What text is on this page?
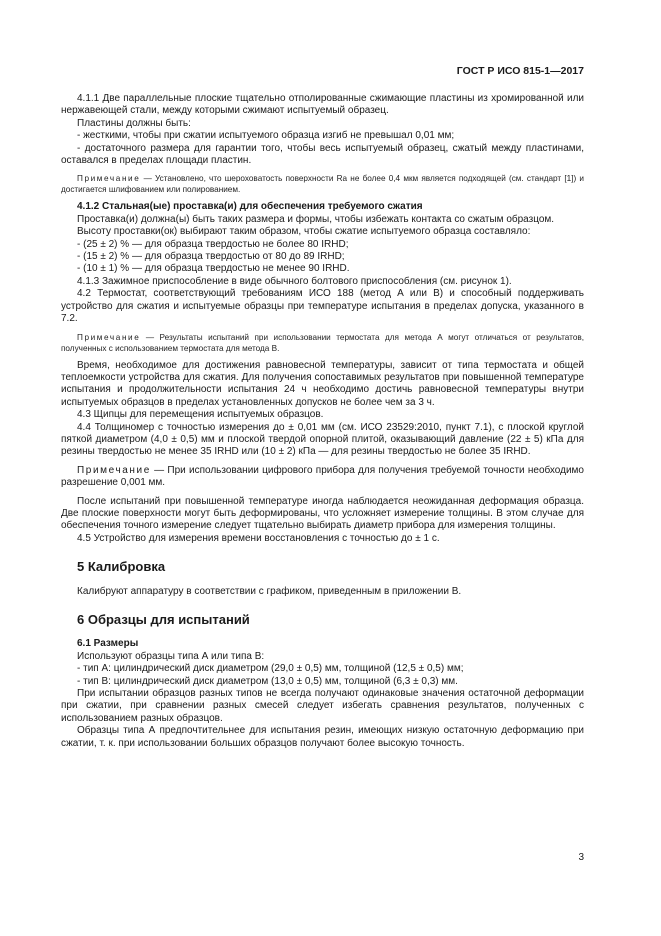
ГОСТ Р ИСО 815-1—2017

4.1.1 Две параллельные плоские тщательно отполированные сжимающие пластины из хромированной или нержавеющей стали, между которыми сжимают испытуемый образец.

Пластины должны быть:

- жесткими, чтобы при сжатии испытуемого образца изгиб не превышал 0,01 мм;

- достаточного размера для гарантии того, чтобы весь испытуемый образец, сжатый между пластинами, оставался в пределах площади пластин.

Примечание — Установлено, что шероховатость поверхности Ra не более 0,4 мкм является подходящей (см. стандарт [1]) и достигается шлифованием или полированием.

4.1.2 Стальная(ые) проставка(и) для обеспечения требуемого сжатия

Проставка(и) должна(ы) быть таких размера и формы, чтобы избежать контакта со сжатым образцом.

Высоту проставки(ок) выбирают таким образом, чтобы сжатие испытуемого образца составляло:

- (25 ± 2) % — для образца твердостью не более 80 IRHD;

- (15 ± 2) % — для образца твердостью от 80 до 89 IRHD;

- (10 ± 1) % — для образца твердостью не менее 90 IRHD.

4.1.3 Зажимное приспособление в виде обычного болтового приспособления (см. рисунок 1).

4.2 Термостат, соответствующий требованиям ИСО 188 (метод А или В) и способный поддерживать устройство для сжатия и испытуемые образцы при температуре испытания в пределах допуска, указанного в 7.2.

Примечание — Результаты испытаний при использовании термостата для метода А могут отличаться от результатов, полученных с использованием термостата для метода В.

Время, необходимое для достижения равновесной температуры, зависит от типа термостата и общей теплоемкости устройства для сжатия. Для получения сопоставимых результатов при повышенной температуре испытания и продолжительности испытания 24 ч необходимо достичь равновесной температуры внутри испытуемых образцов в пределах установленных допусков не более чем за 3 ч.

4.3 Щипцы для перемещения испытуемых образцов.

4.4 Толщиномер с точностью измерения до ± 0,01 мм (см. ИСО 23529:2010, пункт 7.1), с плоской круглой пяткой диаметром (4,0 ± 0,5) мм и плоской твердой опорной плитой, оказывающий давление (22 ± 5) кПа для резины твердостью не менее 35 IRHD или (10 ± 2) кПа — для резины твердостью не более 35 IRHD.

Примечание — При использовании цифрового прибора для получения требуемой точности необходимо разрешение 0,001 мм.

После испытаний при повышенной температуре иногда наблюдается неожиданная деформация образца. Две плоские поверхности могут быть деформированы, что усложняет измерение толщины. В этом случае для обеспечения точного измерение следует тщательно выбирать диаметр прибора для измерения толщины.

4.5 Устройство для измерения времени восстановления с точностью до ± 1 с.

5 Калибровка

Калибруют аппаратуру в соответствии с графиком, приведенным в приложении В.

6 Образцы для испытаний

6.1 Размеры

Используют образцы типа А или типа В:

- тип А: цилиндрический диск диаметром (29,0 ± 0,5) мм, толщиной (12,5 ± 0,5) мм;

- тип В: цилиндрический диск диаметром (13,0 ± 0,5) мм, толщиной (6,3 ± 0,3) мм.

При испытании образцов разных типов не всегда получают одинаковые значения остаточной деформации при сжатии, при сравнении разных смесей следует избегать сравнения результатов, полученных с использованием разных образцов.

Образцы типа А предпочтительнее для испытания резин, имеющих низкую остаточную деформацию при сжатии, т. к. при использовании больших образцов получают более высокую точность.

3
